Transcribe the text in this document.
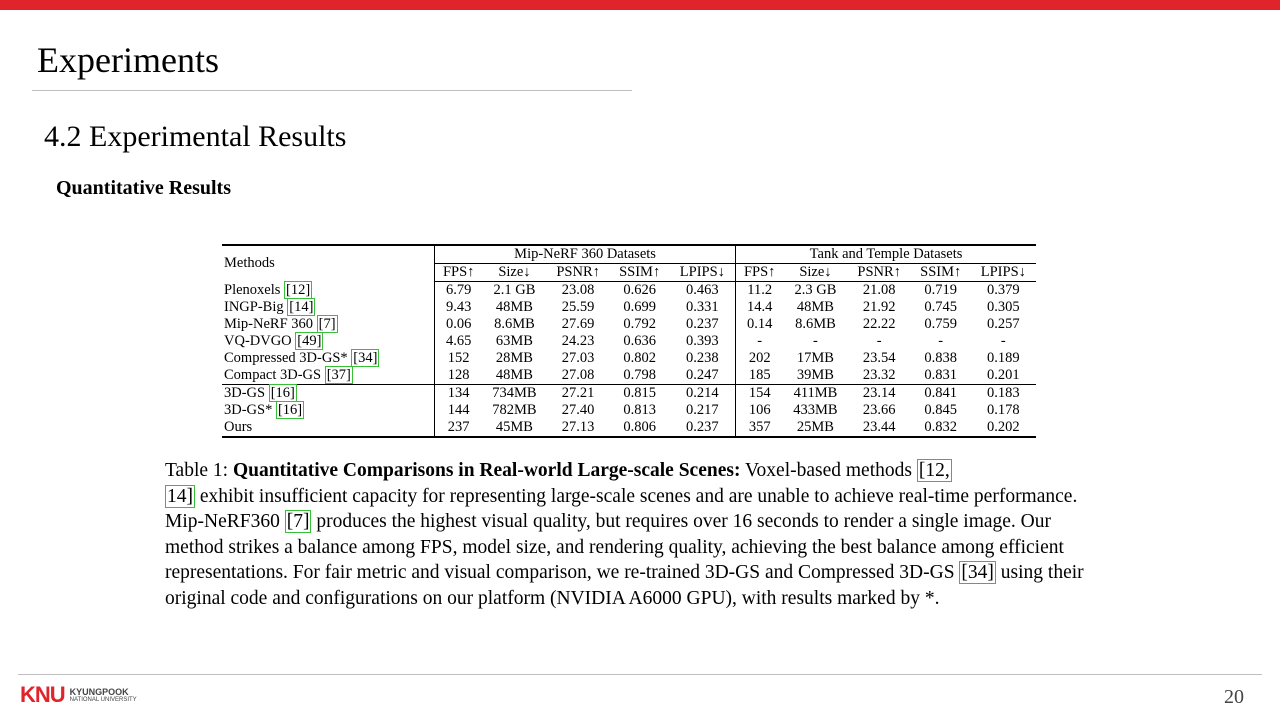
Experiments
4.2 Experimental Results
Quantitative Results
Methods	Mip-NeRF 360 Datasets					Tank and Temple Datasets				
	FPS↑	Size↓	PSNR↑	SSIM↑	LPIPS↓	FPS↑	Size↓	PSNR↑	SSIM↑	LPIPS↓
Plenoxels [12]	6.79	2.1 GB	23.08	0.626	0.463	11.2	2.3 GB	21.08	0.719	0.379
INGP-Big [14]	9.43	48MB	25.59	0.699	0.331	14.4	48MB	21.92	0.745	0.305
Mip-NeRF 360 [7]	0.06	8.6MB	27.69	0.792	0.237	0.14	8.6MB	22.22	0.759	0.257
VQ-DVGO [49]	4.65	63MB	24.23	0.636	0.393	-	-	-	-	-
Compressed 3D-GS* [34]	152	28MB	27.03	0.802	0.238	202	17MB	23.54	0.838	0.189
Compact 3D-GS [37]	128	48MB	27.08	0.798	0.247	185	39MB	23.32	0.831	0.201
3D-GS [16]	134	734MB	27.21	0.815	0.214	154	411MB	23.14	0.841	0.183
3D-GS* [16]	144	782MB	27.40	0.813	0.217	106	433MB	23.66	0.845	0.178
Ours	237	45MB	27.13	0.806	0.237	357	25MB	23.44	0.832	0.202
Table 1: Quantitative Comparisons in Real-world Large-scale Scenes: Voxel-based methods [12,
14] exhibit insufficient capacity for representing large-scale scenes and are unable to achieve real-time performance. Mip-NeRF360 [7] produces the highest visual quality, but requires over 16 seconds to render a single image. Our method strikes a balance among FPS, model size, and rendering quality, achieving the best balance among efficient representations. For fair metric and visual comparison, we re-trained 3D-GS and Compressed 3D-GS [34] using their original code and configurations on our platform (NVIDIA A6000 GPU), with results marked by *.
KNU KYUNGPOOK
NATIONAL UNIVERSITY	20
